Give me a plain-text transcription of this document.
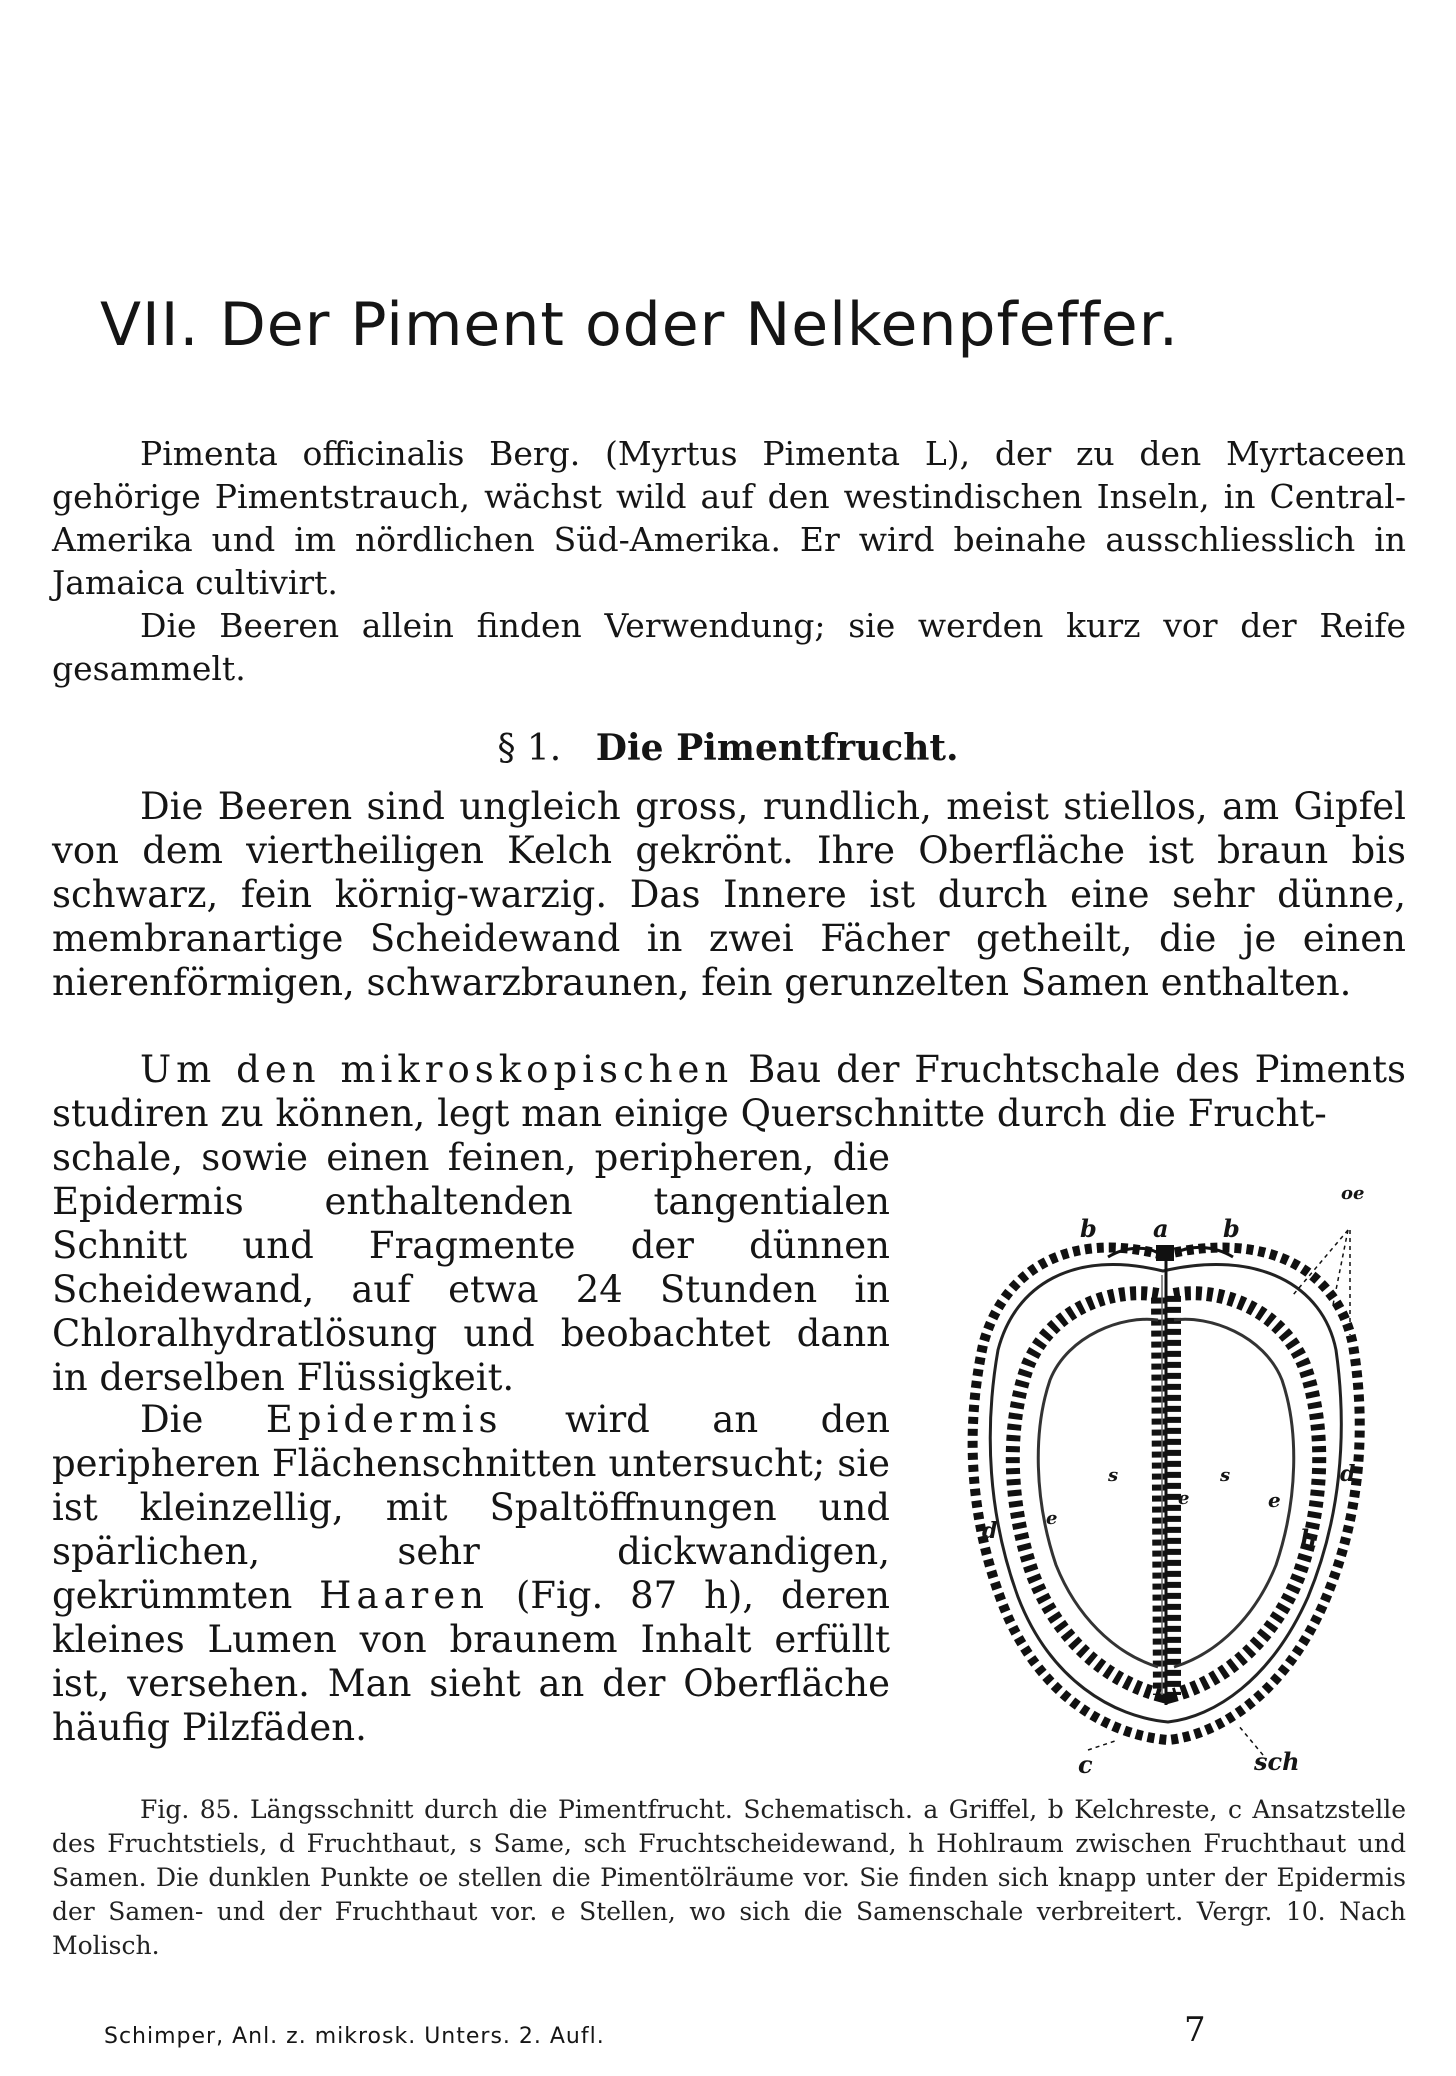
VII. Der Piment oder Nelkenpfeffer.

Pimenta officinalis Berg. (Myrtus Pimenta L), der zu den Myrtaceen gehörige Pimentstrauch, wächst wild auf den westindischen Inseln, in Central-Amerika und im nördlichen Süd-Amerika. Er wird beinahe ausschliesslich in Jamaica cultivirt.

Die Beeren allein finden Verwendung; sie werden kurz vor der Reife gesammelt.

§ 1. Die Pimentfrucht.

Die Beeren sind ungleich gross, rundlich, meist stiellos, am Gipfel von dem viertheiligen Kelch gekrönt. Ihre Oberfläche ist braun bis schwarz, fein körnig-warzig. Das Innere ist durch eine sehr dünne, membranartige Scheidewand in zwei Fächer getheilt, die je einen nierenförmigen, schwarzbraunen, fein gerunzelten Samen enthalten.

Um den mikroskopischen Bau der Fruchtschale des Piments studiren zu können, legt man einige Querschnitte durch die Frucht-

schale, sowie einen feinen, peripheren, die Epidermis enthaltenden tangentialen Schnitt und Fragmente der dünnen Scheidewand, auf etwa 24 Stunden in Chloralhydratlösung und beobachtet dann in derselben Flüssigkeit.

Die Epidermis wird an den peripheren Flächenschnitten untersucht; sie ist kleinzellig, mit Spaltöffnungen und spärlichen, sehr dickwandigen, gekrümmten Haaren (Fig. 87 h), deren kleines Lumen von braunem Inhalt erfüllt ist, versehen. Man sieht an der Oberfläche häufig Pilzfäden.

oe
b a b
s	s
e
e	e
d
d
h
c	sch

Fig. 85. Längsschnitt durch die Pimentfrucht. Schematisch. a Griffel, b Kelchreste, c Ansatzstelle des Fruchtstiels, d Fruchthaut, s Same, sch Fruchtscheidewand, h Hohlraum zwischen Fruchthaut und Samen. Die dunklen Punkte oe stellen die Pimentölräume vor. Sie finden sich knapp unter der Epidermis der Samen- und der Fruchthaut vor. e Stellen, wo sich die Samenschale verbreitert. Vergr. 10. Nach Molisch.

Schimper, Anl. z. mikrosk. Unters. 2. Aufl.	7
